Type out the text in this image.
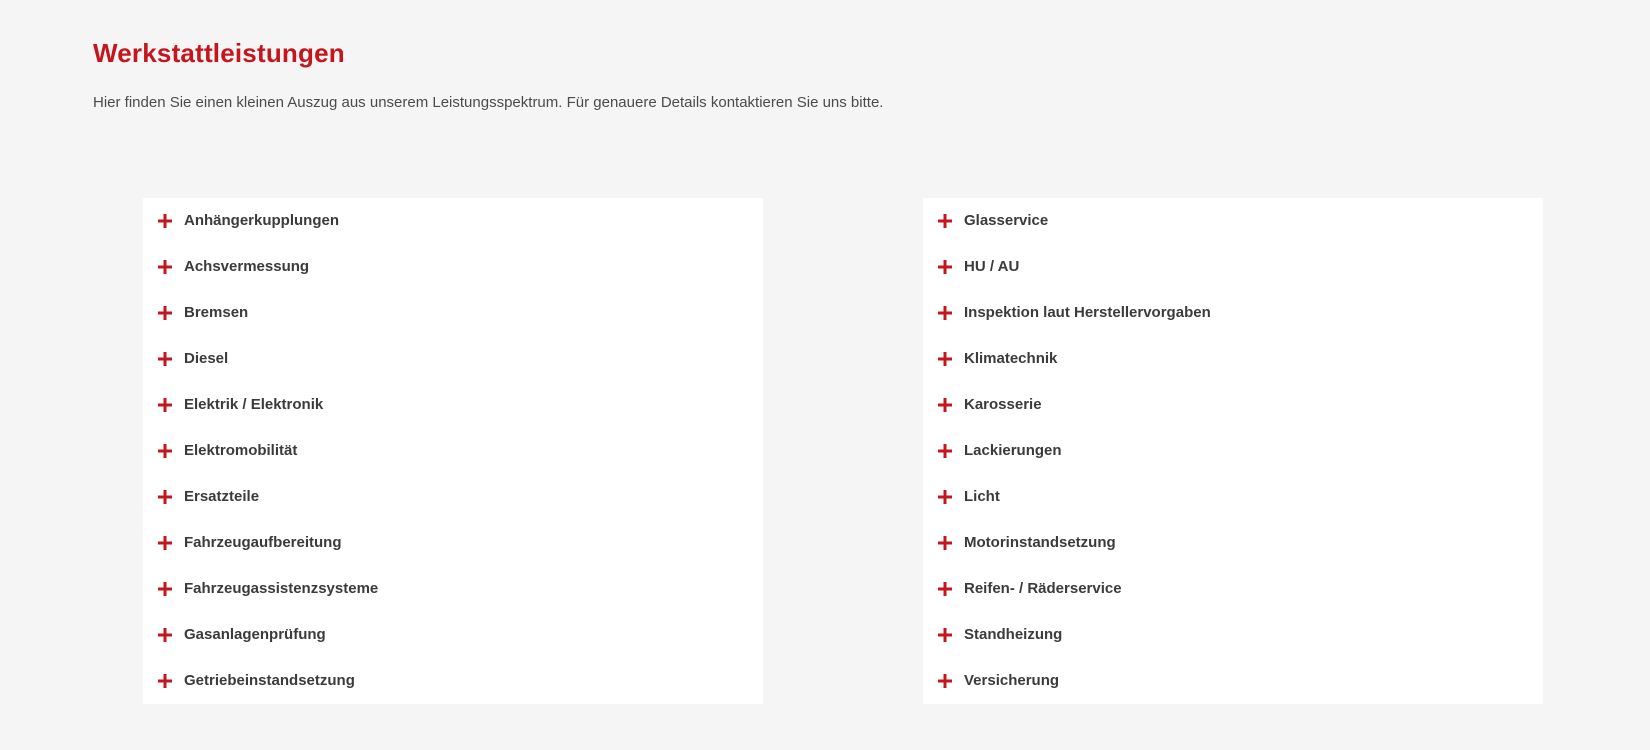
Werkstattleistungen

Hier finden Sie einen kleinen Auszug aus unserem Leistungsspektrum. Für genauere Details kontaktieren Sie uns bitte.

Anhängerkupplungen
Achsvermessung
Bremsen
Diesel
Elektrik / Elektronik
Elektromobilität
Ersatzteile
Fahrzeugaufbereitung
Fahrzeugassistenzsysteme
Gasanlagenprüfung
Getriebeinstandsetzung
Glasservice
HU / AU
Inspektion laut Herstellervorgaben
Klimatechnik
Karosserie
Lackierungen
Licht
Motorinstandsetzung
Reifen- / Räderservice
Standheizung
Versicherung
